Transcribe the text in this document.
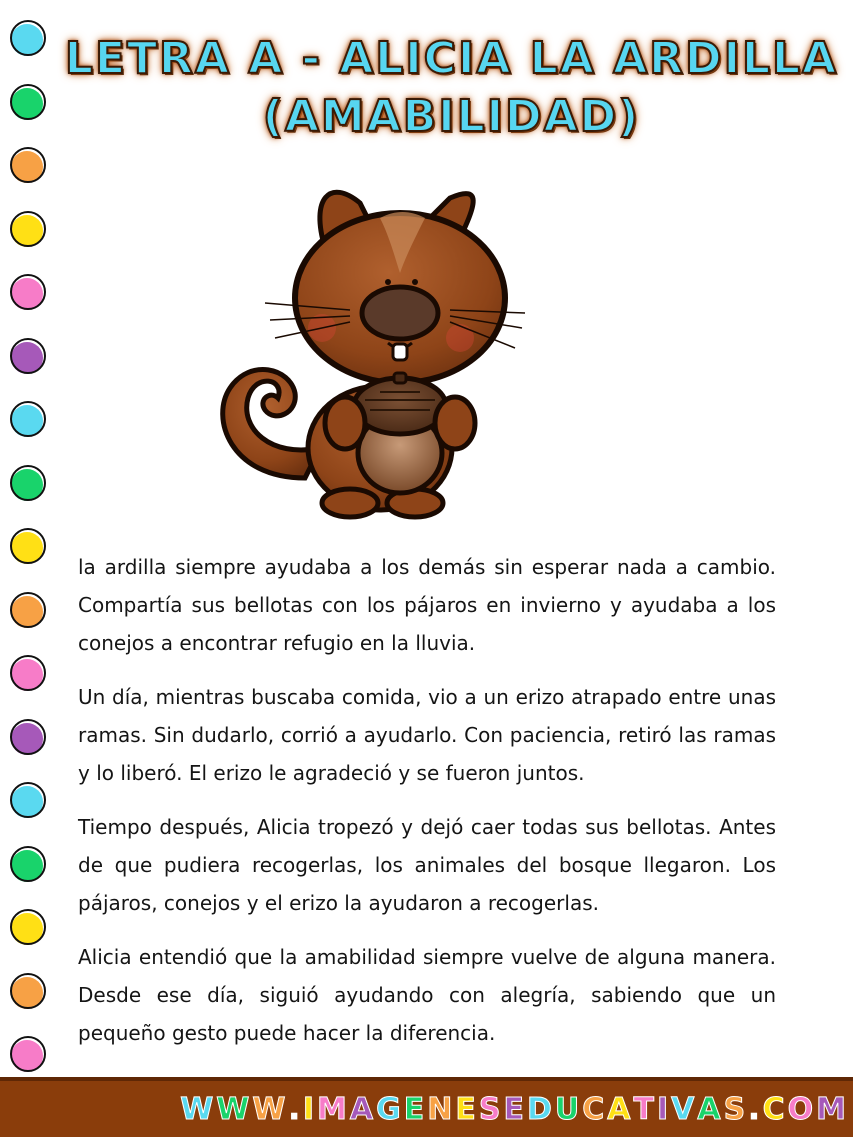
LETRA A - ALICIA LA ARDILLA
(AMABILIDAD)

la ardilla siempre ayudaba a los demás sin esperar nada a cambio. Compartía sus bellotas con los pájaros en invierno y ayudaba a los conejos a encontrar refugio en la lluvia.

Un día, mientras buscaba comida, vio a un erizo atrapado entre unas ramas. Sin dudarlo, corrió a ayudarlo. Con paciencia, retiró las ramas y lo liberó. El erizo le agradeció y se fueron juntos.

Tiempo después, Alicia tropezó y dejó caer todas sus bellotas. Antes de que pudiera recogerlas, los animales del bosque llegaron. Los pájaros, conejos y el erizo la ayudaron a recogerlas.

Alicia entendió que la amabilidad siempre vuelve de alguna manera. Desde ese día, siguió ayudando con alegría, sabiendo que un pequeño gesto puede hacer la diferencia.

WWW.IMAGENESEDUCATIVAS.COM
